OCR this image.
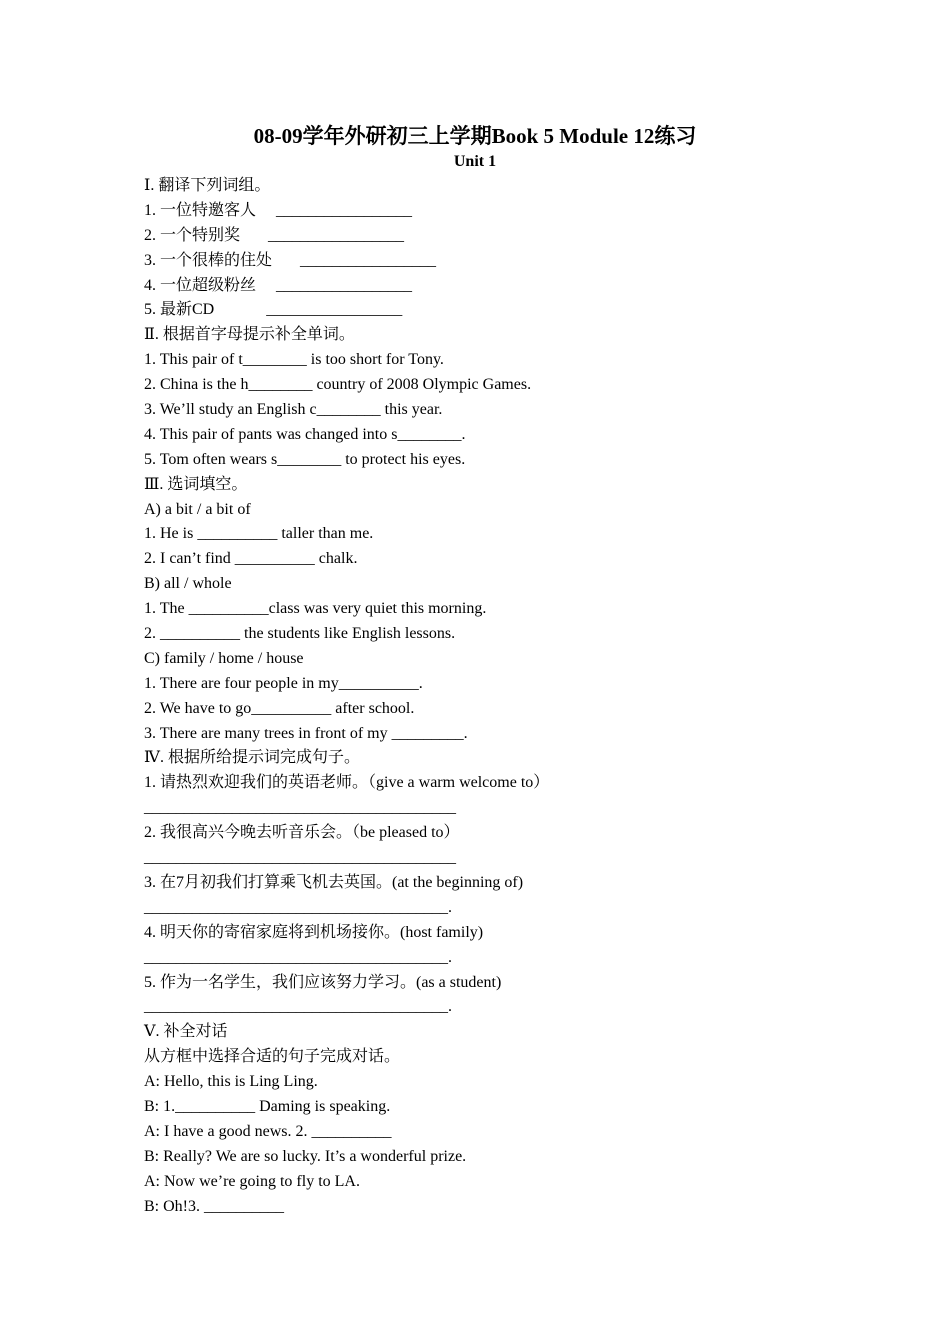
08-09学年外研初三上学期Book 5 Module 12练习
Unit 1
Ⅰ. 翻译下列词组。
1. 一位特邀客人     _________________
2. 一个特别奖       _________________
3. 一个很棒的住处       _________________
4. 一位超级粉丝     _________________
5. 最新CD             _________________
Ⅱ. 根据首字母提示补全单词。
1. This pair of t________ is too short for Tony.
2. China is the h________ country of 2008 Olympic Games.
3. We’ll study an English c________ this year.
4. This pair of pants was changed into s________.
5. Tom often wears s________ to protect his eyes.
Ⅲ. 选词填空。
A) a bit / a bit of
1. He is __________ taller than me.
2. I can’t find __________ chalk.
B) all / whole
1. The __________class was very quiet this morning.
2. __________ the students like English lessons.
C) family / home / house
1. There are four people in my__________.
2. We have to go__________ after school.
3. There are many trees in front of my _________.
Ⅳ. 根据所给提示词完成句子。
1. 请热烈欢迎我们的英语老师。（give a warm welcome to）
_______________________________________
2. 我很高兴今晚去听音乐会。（be pleased to）
_______________________________________
3. 在7月初我们打算乘飞机去英国。(at the beginning of)
______________________________________.
4. 明天你的寄宿家庭将到机场接你。(host family)
______________________________________.
5. 作为一名学生，我们应该努力学习。(as a student)
______________________________________.
Ⅴ. 补全对话
从方框中选择合适的句子完成对话。
A: Hello, this is Ling Ling.
B: 1.__________ Daming is speaking.
A: I have a good news. 2. __________
B: Really? We are so lucky. It’s a wonderful prize.
A: Now we’re going to fly to LA.
B: Oh!3. __________
